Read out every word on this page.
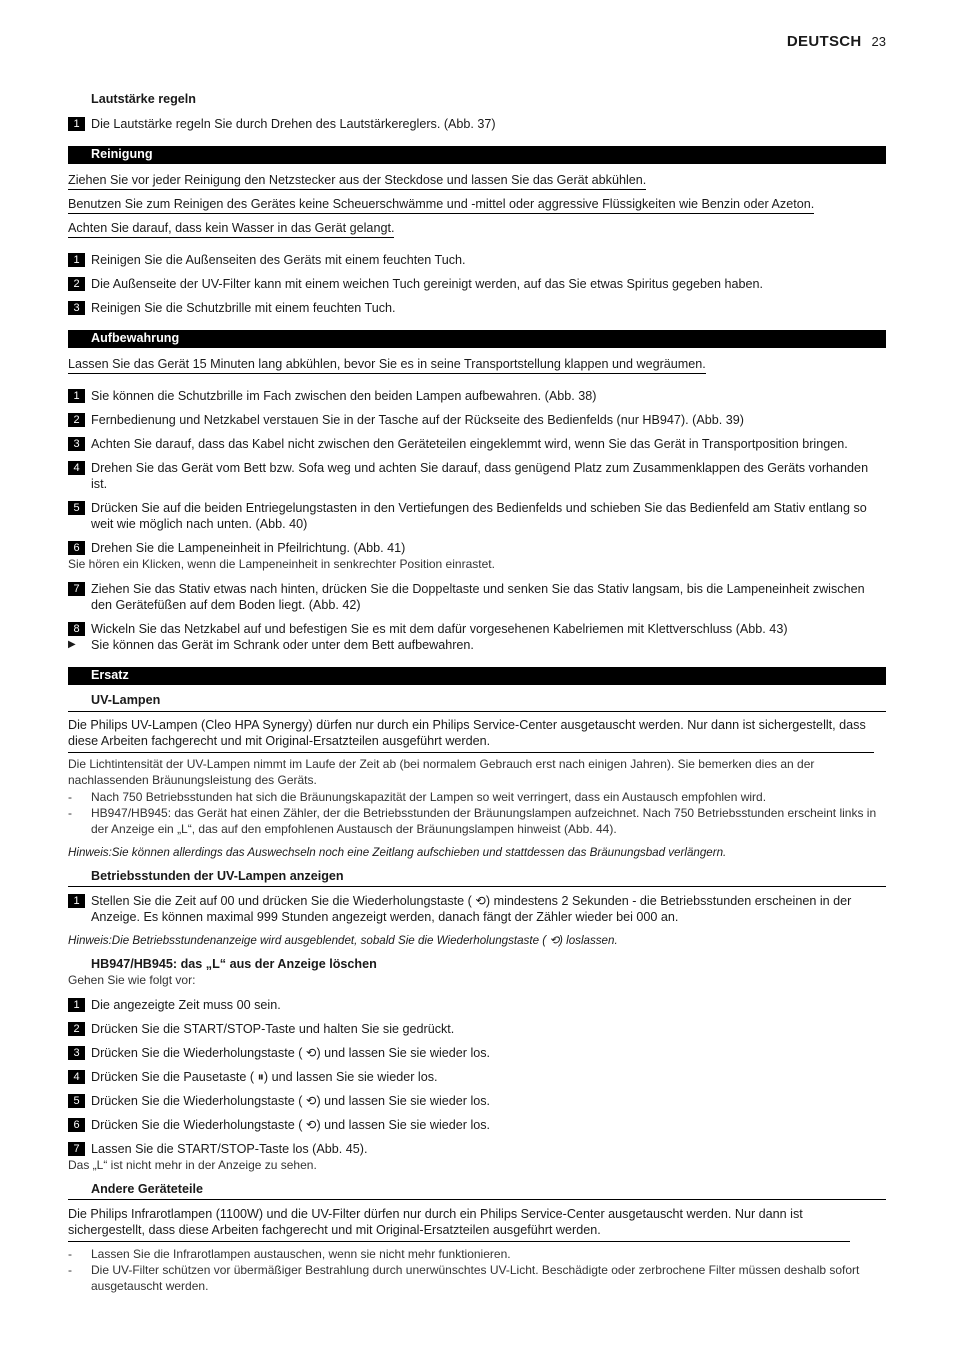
DEUTSCH 23

Lautstärke regeln

1 Die Lautstärke regeln Sie durch Drehen des Lautstärkereglers. (Abb. 37)
Reinigung
Ziehen Sie vor jeder Reinigung den Netzstecker aus der Steckdose und lassen Sie das Gerät abkühlen.
Benutzen Sie zum Reinigen des Gerätes keine Scheuerschwämme und -mittel oder aggressive Flüssigkeiten wie Benzin oder Azeton.
Achten Sie darauf, dass kein Wasser in das Gerät gelangt.
1 Reinigen Sie die Außenseiten des Geräts mit einem feuchten Tuch.
2 Die Außenseite der UV-Filter kann mit einem weichen Tuch gereinigt werden, auf das Sie etwas Spiritus gegeben haben.
3 Reinigen Sie die Schutzbrille mit einem feuchten Tuch.
Aufbewahrung
Lassen Sie das Gerät 15 Minuten lang abkühlen, bevor Sie es in seine Transportstellung klappen und wegräumen.
1 Sie können die Schutzbrille im Fach zwischen den beiden Lampen aufbewahren. (Abb. 38)
2 Fernbedienung und Netzkabel verstauen Sie in der Tasche auf der Rückseite des Bedienfelds (nur HB947). (Abb. 39)
3 Achten Sie darauf, dass das Kabel nicht zwischen den Geräteteilen eingeklemmt wird, wenn Sie das Gerät in Transportposition bringen.
4 Drehen Sie das Gerät vom Bett bzw. Sofa weg und achten Sie darauf, dass genügend Platz zum Zusammenklappen des Geräts vorhanden ist.
5 Drücken Sie auf die beiden Entriegelungstasten in den Vertiefungen des Bedienfelds und schieben Sie das Bedienfeld am Stativ entlang so weit wie möglich nach unten. (Abb. 40)
6 Drehen Sie die Lampeneinheit in Pfeilrichtung. (Abb. 41)
Sie hören ein Klicken, wenn die Lampeneinheit in senkrechter Position einrastet.
7 Ziehen Sie das Stativ etwas nach hinten, drücken Sie die Doppeltaste und senken Sie das Stativ langsam, bis die Lampeneinheit zwischen den Gerätefüßen auf dem Boden liegt. (Abb. 42)
8 Wickeln Sie das Netzkabel auf und befestigen Sie es mit dem dafür vorgesehenen Kabelriemen mit Klettverschluss (Abb. 43)
▶	Sie können das Gerät im Schrank oder unter dem Bett aufbewahren.
Ersatz

UV-Lampen

Die Philips UV-Lampen (Cleo HPA Synergy) dürfen nur durch ein Philips Service-Center ausgetauscht werden. Nur dann ist sichergestellt, dass diese Arbeiten fachgerecht und mit Original-Ersatzteilen ausgeführt werden.
Die Lichtintensität der UV-Lampen nimmt im Laufe der Zeit ab (bei normalem Gebrauch erst nach einigen Jahren). Sie bemerken dies an der nachlassenden Bräunungsleistung des Geräts.
-	Nach 750 Betriebsstunden hat sich die Bräunungskapazität der Lampen so weit verringert, dass ein Austausch empfohlen wird.
-	HB947/HB945: das Gerät hat einen Zähler, der die Betriebsstunden der Bräunungslampen aufzeichnet. Nach 750 Betriebsstunden erscheint links in der Anzeige ein „L“, das auf den empfohlenen Austausch der Bräunungslampen hinweist (Abb. 44).
Hinweis:Sie können allerdings das Auswechseln noch eine Zeitlang aufschieben und stattdessen das Bräunungsbad verlängern.

Betriebsstunden der UV-Lampen anzeigen

1 Stellen Sie die Zeit auf 00 und drücken Sie die Wiederholungstaste ( ⟲) mindestens 2 Sekunden - die Betriebsstunden erscheinen in der Anzeige. Es können maximal 999 Stunden angezeigt werden, danach fängt der Zähler wieder bei 000 an.
Hinweis:Die Betriebsstundenanzeige wird ausgeblendet, sobald Sie die Wiederholungstaste ( ⟲) loslassen.

HB947/HB945: das „L“ aus der Anzeige löschen

Gehen Sie wie folgt vor:
1 Die angezeigte Zeit muss 00 sein.
2 Drücken Sie die START/STOP-Taste und halten Sie sie gedrückt.
3 Drücken Sie die Wiederholungstaste ( ⟲) und lassen Sie sie wieder los.
4 Drücken Sie die Pausetaste ( ⏸) und lassen Sie sie wieder los.
5 Drücken Sie die Wiederholungstaste ( ⟲) und lassen Sie sie wieder los.
6 Drücken Sie die Wiederholungstaste ( ⟲) und lassen Sie sie wieder los.
7 Lassen Sie die START/STOP-Taste los (Abb. 45).
Das „L“ ist nicht mehr in der Anzeige zu sehen.

Andere Geräteteile

Die Philips Infrarotlampen (1100W) und die UV-Filter dürfen nur durch ein Philips Service-Center ausgetauscht werden. Nur dann ist sichergestellt, dass diese Arbeiten fachgerecht und mit Original-Ersatzteilen ausgeführt werden.
-	Lassen Sie die Infrarotlampen austauschen, wenn sie nicht mehr funktionieren.
-	Die UV-Filter schützen vor übermäßiger Bestrahlung durch unerwünschtes UV-Licht. Beschädigte oder zerbrochene Filter müssen deshalb sofort ausgetauscht werden.
